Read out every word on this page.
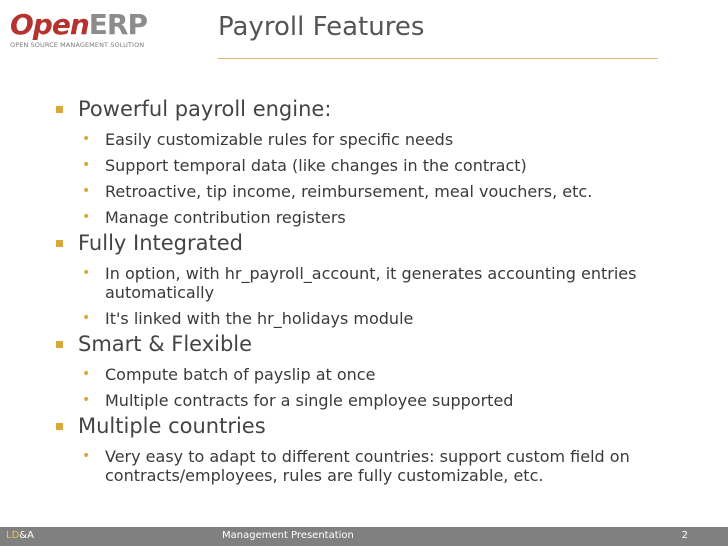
OpenERP
OPEN SOURCE MANAGEMENT SOLUTION
Payroll Features
Powerful payroll engine:
• Easily customizable rules for specific needs
• Support temporal data (like changes in the contract)
• Retroactive, tip income, reimbursement, meal vouchers, etc.
• Manage contribution registers
Fully Integrated
• In option, with hr_payroll_account, it generates accounting entries automatically
• It's linked with the hr_holidays module
Smart & Flexible
• Compute batch of payslip at once
• Multiple contracts for a single employee supported
Multiple countries
• Very easy to adapt to different countries: support custom field on contracts/employees, rules are fully customizable, etc.
LD&A	Management Presentation	2
